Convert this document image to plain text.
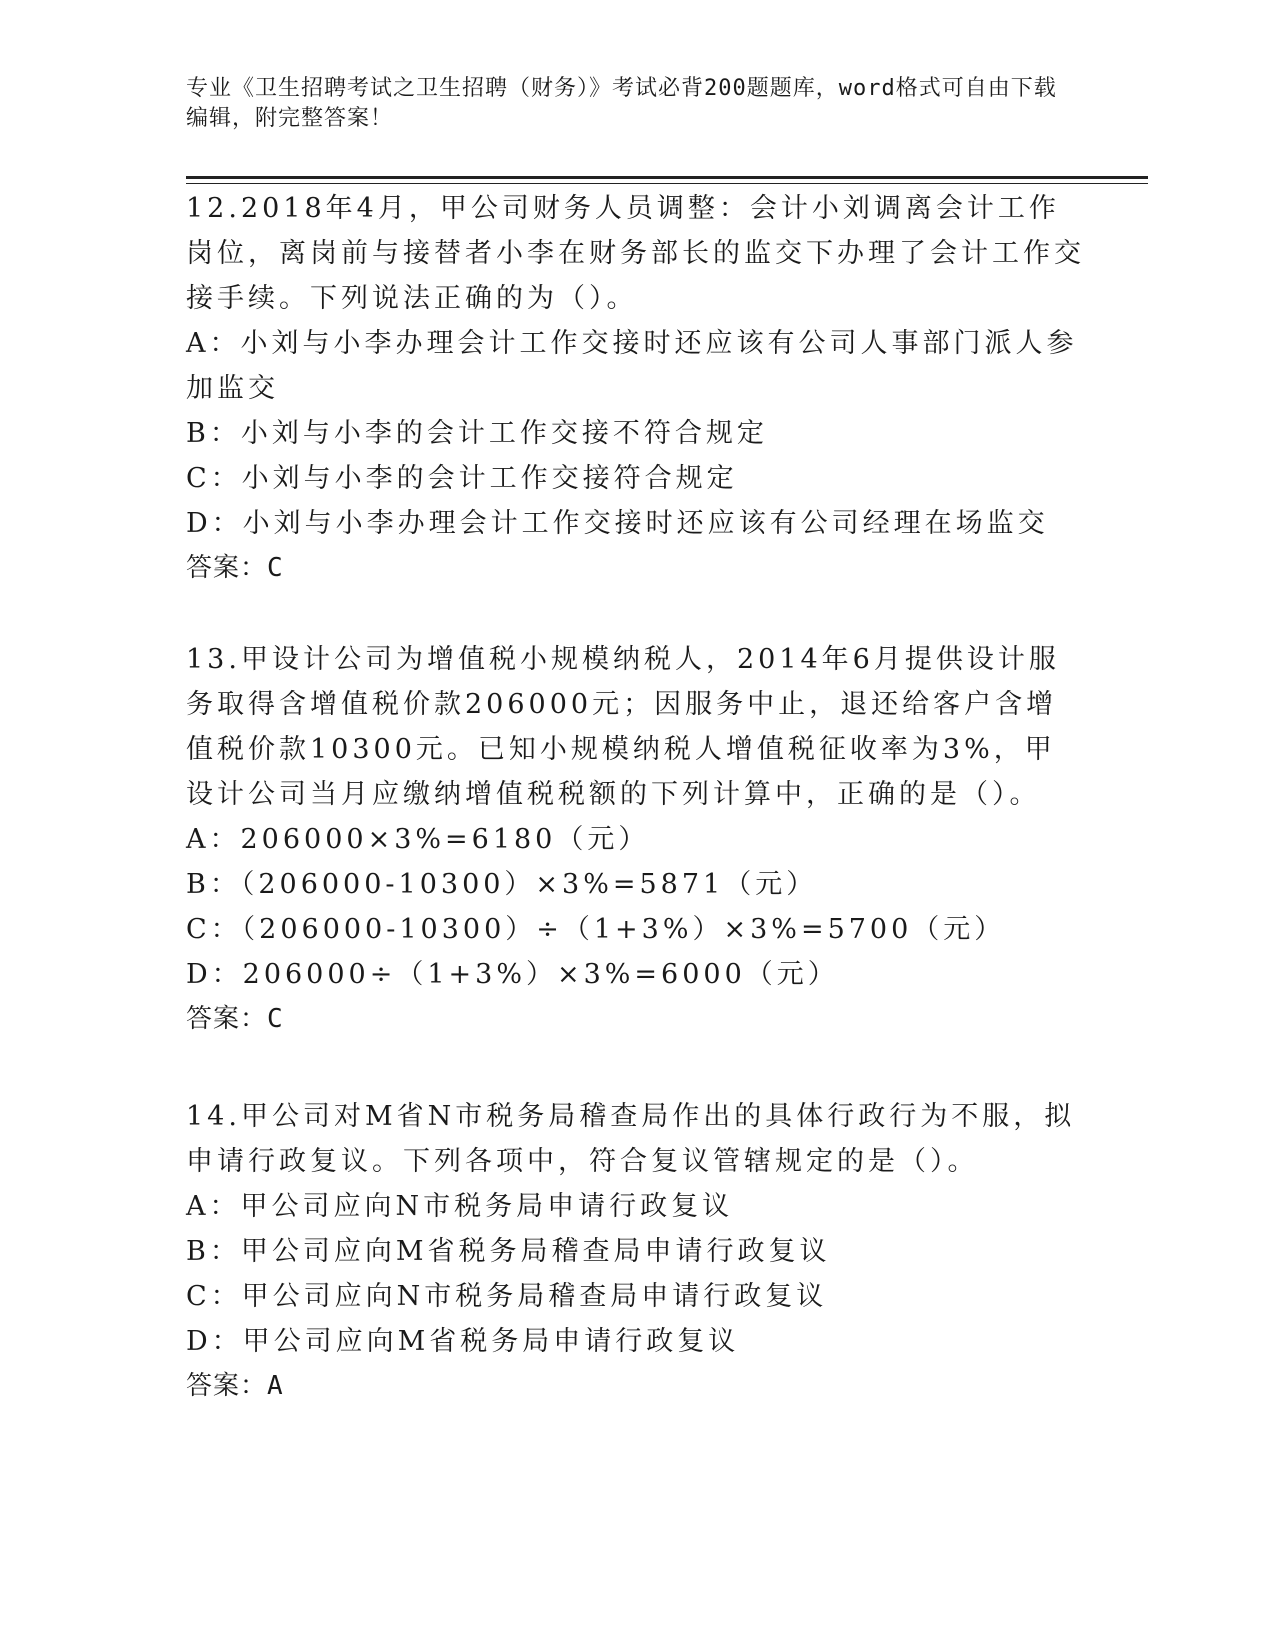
专业《卫生招聘考试之卫生招聘（财务）》考试必背200题题库，word格式可自由下载编辑，附完整答案！

12.2018年4月，甲公司财务人员调整：会计小刘调离会计工作岗位，离岗前与接替者小李在财务部长的监交下办理了会计工作交接手续。下列说法正确的为（）。

A：小刘与小李办理会计工作交接时还应该有公司人事部门派人参加监交

B：小刘与小李的会计工作交接不符合规定

C：小刘与小李的会计工作交接符合规定

D：小刘与小李办理会计工作交接时还应该有公司经理在场监交

答案：C

13.甲设计公司为增值税小规模纳税人，2014年6月提供设计服务取得含增值税价款206000元；因服务中止，退还给客户含增值税价款10300元。已知小规模纳税人增值税征收率为3%，甲设计公司当月应缴纳增值税税额的下列计算中，正确的是（）。

A：206000×3%=6180（元）

B：（206000-10300）×3%=5871（元）

C：（206000-10300）÷（1+3%）×3%=5700（元）

D：206000÷（1+3%）×3%=6000（元）

答案：C

14.甲公司对M省N市税务局稽查局作出的具体行政行为不服，拟申请行政复议。下列各项中，符合复议管辖规定的是（）。

A：甲公司应向N市税务局申请行政复议

B：甲公司应向M省税务局稽查局申请行政复议

C：甲公司应向N市税务局稽查局申请行政复议

D：甲公司应向M省税务局申请行政复议

答案：A
